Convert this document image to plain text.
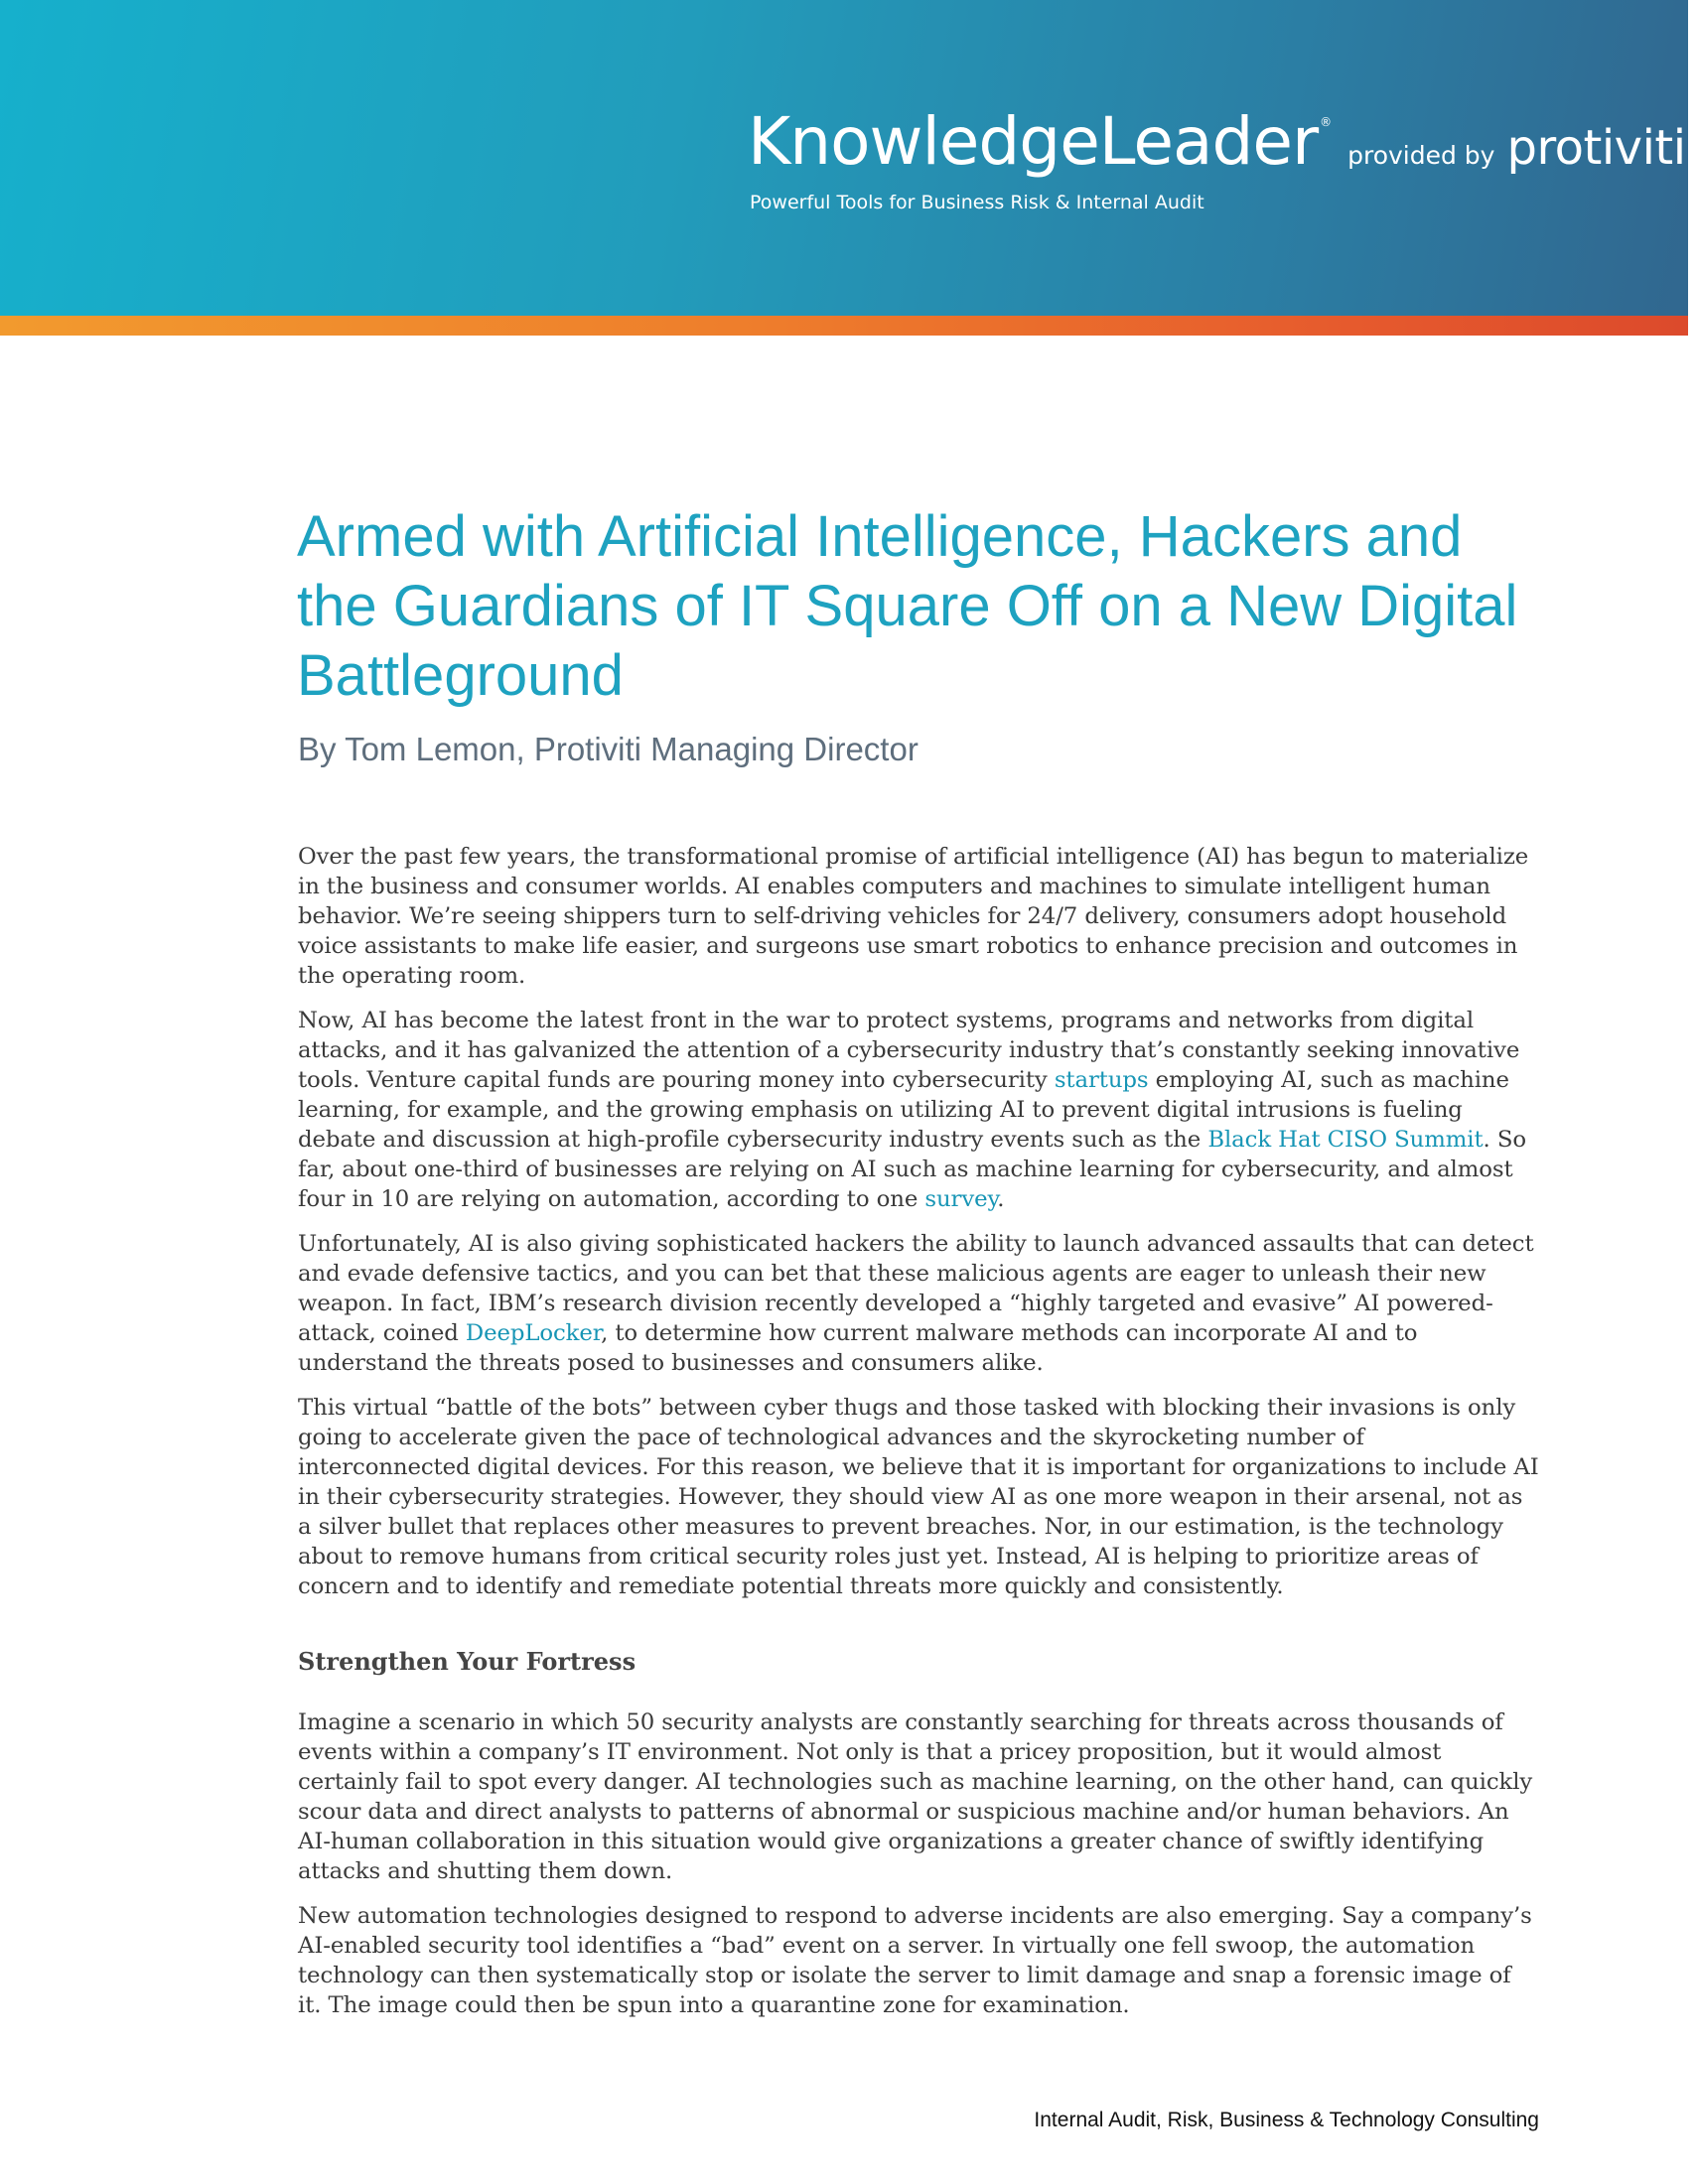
KnowledgeLeader ®
provided by protiviti ®
Powerful Tools for Business Risk & Internal Audit
Armed with Artificial Intelligence, Hackers and the Guardians of IT Square Off on a New Digital Battleground

By Tom Lemon, Protiviti Managing Director

Over the past few years, the transformational promise of artificial intelligence (AI) has begun to materialize in the business and consumer worlds. AI enables computers and machines to simulate intelligent human behavior. We’re seeing shippers turn to self-driving vehicles for 24/7 delivery, consumers adopt household voice assistants to make life easier, and surgeons use smart robotics to enhance precision and outcomes in the operating room.

Now, AI has become the latest front in the war to protect systems, programs and networks from digital attacks, and it has galvanized the attention of a cybersecurity industry that’s constantly seeking innovative tools. Venture capital funds are pouring money into cybersecurity startups employing AI, such as machine learning, for example, and the growing emphasis on utilizing AI to prevent digital intrusions is fueling debate and discussion at high-profile cybersecurity industry events such as the Black Hat CISO Summit. So far, about one-third of businesses are relying on AI such as machine learning for cybersecurity, and almost four in 10 are relying on automation, according to one survey.

Unfortunately, AI is also giving sophisticated hackers the ability to launch advanced assaults that can detect and evade defensive tactics, and you can bet that these malicious agents are eager to unleash their new weapon. In fact, IBM’s research division recently developed a “highly targeted and evasive” AI powered-attack, coined DeepLocker, to determine how current malware methods can incorporate AI and to understand the threats posed to businesses and consumers alike.

This virtual “battle of the bots” between cyber thugs and those tasked with blocking their invasions is only going to accelerate given the pace of technological advances and the skyrocketing number of interconnected digital devices. For this reason, we believe that it is important for organizations to include AI in their cybersecurity strategies. However, they should view AI as one more weapon in their arsenal, not as a silver bullet that replaces other measures to prevent breaches. Nor, in our estimation, is the technology about to remove humans from critical security roles just yet. Instead, AI is helping to prioritize areas of concern and to identify and remediate potential threats more quickly and consistently.

Strengthen Your Fortress

Imagine a scenario in which 50 security analysts are constantly searching for threats across thousands of events within a company’s IT environment. Not only is that a pricey proposition, but it would almost certainly fail to spot every danger. AI technologies such as machine learning, on the other hand, can quickly scour data and direct analysts to patterns of abnormal or suspicious machine and/or human behaviors. An AI-human collaboration in this situation would give organizations a greater chance of swiftly identifying attacks and shutting them down.

New automation technologies designed to respond to adverse incidents are also emerging. Say a company’s AI-enabled security tool identifies a “bad” event on a server. In virtually one fell swoop, the automation technology can then systematically stop or isolate the server to limit damage and snap a forensic image of it. The image could then be spun into a quarantine zone for examination.

Internal Audit, Risk, Business & Technology Consulting
